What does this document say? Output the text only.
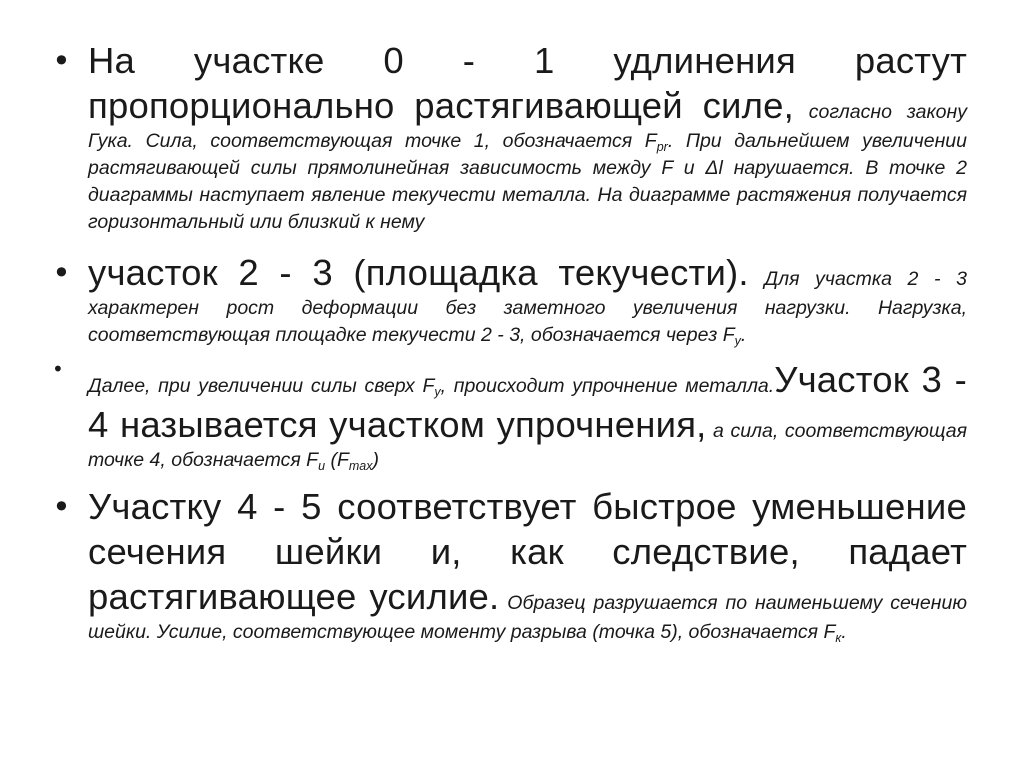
• На участке 0 - 1 удлинения растут пропорционально растягивающей силе, согласно закону Гука. Сила, соответствующая точке 1, обозначается $F_{pr}$. При дальнейшем увеличении растягивающей силы прямолинейная зависимость между F и Δl нарушается. В точке 2 диаграммы наступает явление текучести металла. На диаграмме растяжения получается горизонтальный или близкий к нему
• участок 2 - 3 (площадка текучести). Для участка 2 - 3 характерен рост деформации без заметного увеличения нагрузки. Нагрузка, соответствующая площадке текучести 2 - 3, обозначается через $F_y$.
• Далее, при увеличении силы сверх $F_y$, происходит упрочнение металла.Участок 3 - 4 называется участком упрочнения, а сила, соответствующая точке 4, обозначается $F_u$ $(F_{max})$
• Участку 4 - 5 соответствует быстрое уменьшение сечения шейки и, как следствие, падает растягивающее усилие. Образец разрушается по наименьшему сечению шейки. Усилие, соответствующее моменту разрыва (точка 5), обозначается $F_к$.
